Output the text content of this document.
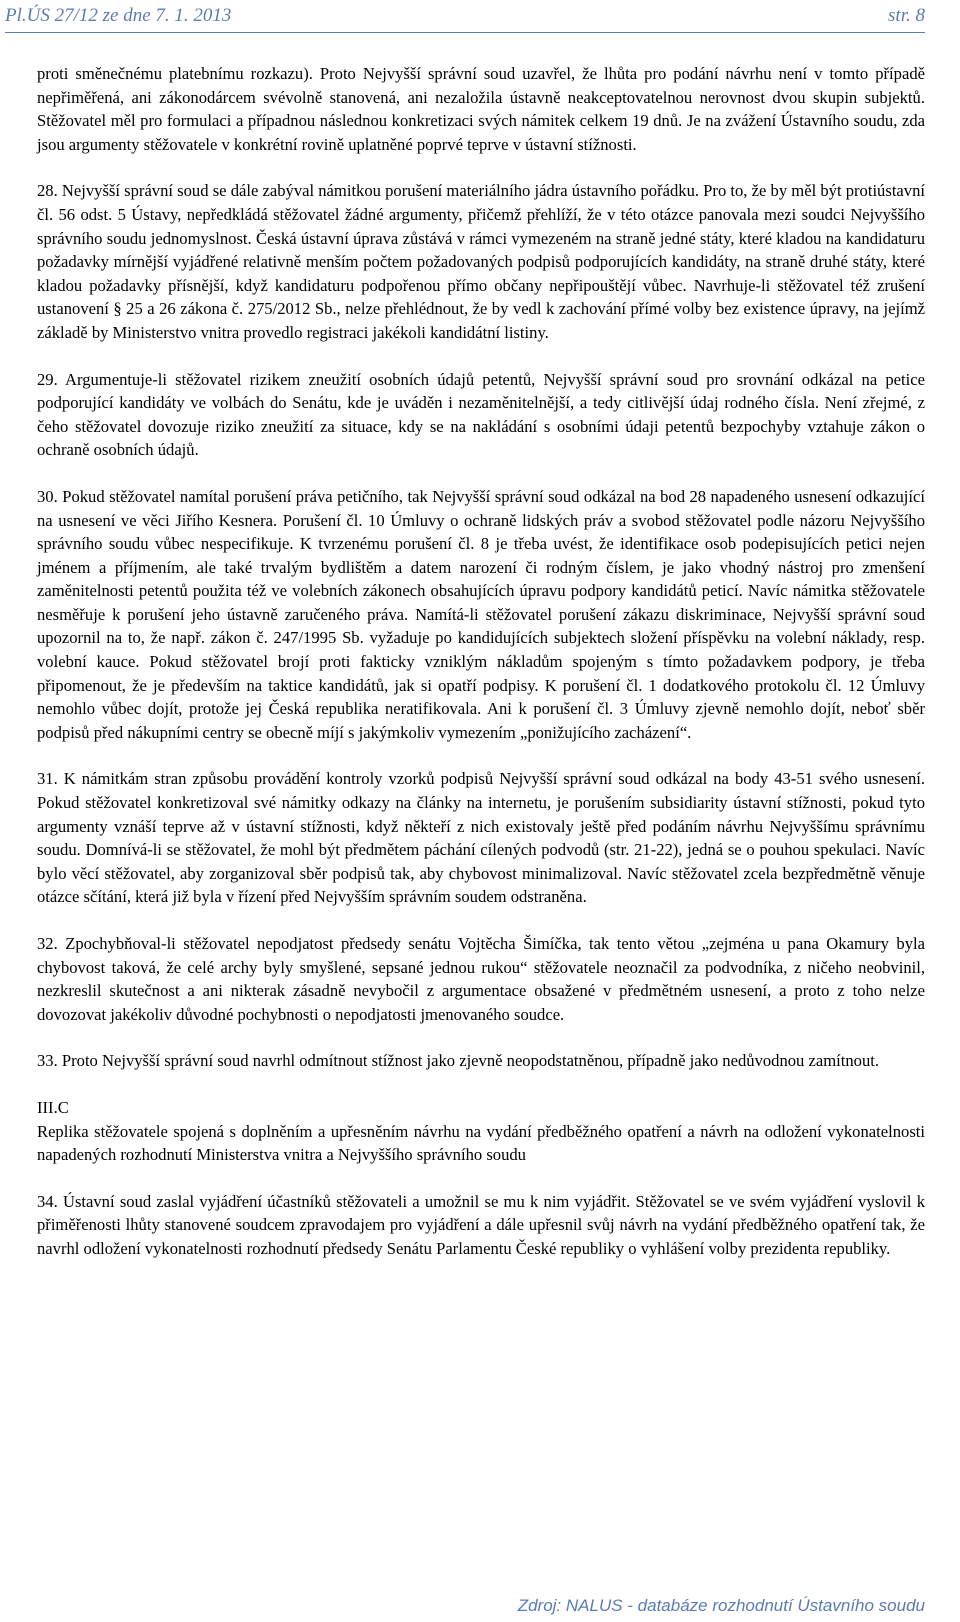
Pl.ÚS 27/12 ze dne 7. 1. 2013	str. 8

proti směnečnému platebnímu rozkazu). Proto Nejvyšší správní soud uzavřel, že lhůta pro podání návrhu není v tomto případě nepřiměřená, ani zákonodárcem svévolně stanovená, ani nezaložila ústavně neakceptovatelnou nerovnost dvou skupin subjektů. Stěžovatel měl pro formulaci a případnou následnou konkretizaci svých námitek celkem 19 dnů. Je na zvážení Ústavního soudu, zda jsou argumenty stěžovatele v konkrétní rovině uplatněné poprvé teprve v ústavní stížnosti.

28. Nejvyšší správní soud se dále zabýval námitkou porušení materiálního jádra ústavního pořádku. Pro to, že by měl být protiústavní čl. 56 odst. 5 Ústavy, nepředkládá stěžovatel žádné argumenty, přičemž přehlíží, že v této otázce panovala mezi soudci Nejvyššího správního soudu jednomyslnost. Česká ústavní úprava zůstává v rámci vymezeném na straně jedné státy, které kladou na kandidaturu požadavky mírnější vyjádřené relativně menším počtem požadovaných podpisů podporujících kandidáty, na straně druhé státy, které kladou požadavky přísnější, když kandidaturu podpořenou přímo občany nepřipouštějí vůbec. Navrhuje-li stěžovatel též zrušení ustanovení § 25 a 26 zákona č. 275/2012 Sb., nelze přehlédnout, že by vedl k zachování přímé volby bez existence úpravy, na jejímž základě by Ministerstvo vnitra provedlo registraci jakékoli kandidátní listiny.

29. Argumentuje-li stěžovatel rizikem zneužití osobních údajů petentů, Nejvyšší správní soud pro srovnání odkázal na petice podporující kandidáty ve volbách do Senátu, kde je uváděn i nezaměnitelnější, a tedy citlivější údaj rodného čísla. Není zřejmé, z čeho stěžovatel dovozuje riziko zneužití za situace, kdy se na nakládání s osobními údaji petentů bezpochyby vztahuje zákon o ochraně osobních údajů.

30. Pokud stěžovatel namítal porušení práva petičního, tak Nejvyšší správní soud odkázal na bod 28 napadeného usnesení odkazující na usnesení ve věci Jiřího Kesnera. Porušení čl. 10 Úmluvy o ochraně lidských práv a svobod stěžovatel podle názoru Nejvyššího správního soudu vůbec nespecifikuje. K tvrzenému porušení čl. 8 je třeba uvést, že identifikace osob podepisujících petici nejen jménem a příjmením, ale také trvalým bydlištěm a datem narození či rodným číslem, je jako vhodný nástroj pro zmenšení zaměnitelnosti petentů použita též ve volebních zákonech obsahujících úpravu podpory kandidátů peticí. Navíc námitka stěžovatele nesměřuje k porušení jeho ústavně zaručeného práva. Namítá-li stěžovatel porušení zákazu diskriminace, Nejvyšší správní soud upozornil na to, že např. zákon č. 247/1995 Sb. vyžaduje po kandidujících subjektech složení příspěvku na volební náklady, resp. volební kauce. Pokud stěžovatel brojí proti fakticky vzniklým nákladům spojeným s tímto požadavkem podpory, je třeba připomenout, že je především na taktice kandidátů, jak si opatří podpisy. K porušení čl. 1 dodatkového protokolu čl. 12 Úmluvy nemohlo vůbec dojít, protože jej Česká republika neratifikovala. Ani k porušení čl. 3 Úmluvy zjevně nemohlo dojít, neboť sběr podpisů před nákupními centry se obecně míjí s jakýmkoliv vymezením „ponižujícího zacházení“.

31. K námitkám stran způsobu provádění kontroly vzorků podpisů Nejvyšší správní soud odkázal na body 43-51 svého usnesení. Pokud stěžovatel konkretizoval své námitky odkazy na články na internetu, je porušením subsidiarity ústavní stížnosti, pokud tyto argumenty vznáší teprve až v ústavní stížnosti, když někteří z nich existovaly ještě před podáním návrhu Nejvyššímu správnímu soudu. Domnívá-li se stěžovatel, že mohl být předmětem páchání cílených podvodů (str. 21-22), jedná se o pouhou spekulaci. Navíc bylo věcí stěžovatel, aby zorganizoval sběr podpisů tak, aby chybovost minimalizoval. Navíc stěžovatel zcela bezpředmětně věnuje otázce sčítání, která již byla v řízení před Nejvyšším správním soudem odstraněna.

32. Zpochybňoval-li stěžovatel nepodjatost předsedy senátu Vojtěcha Šimíčka, tak tento větou „zejména u pana Okamury byla chybovost taková, že celé archy byly smyšlené, sepsané jednou rukou“ stěžovatele neoznačil za podvodníka, z ničeho neobvinil, nezkreslil skutečnost a ani nikterak zásadně nevybočil z argumentace obsažené v předmětném usnesení, a proto z toho nelze dovozovat jakékoliv důvodné pochybnosti o nepodjatosti jmenovaného soudce.

33. Proto Nejvyšší správní soud navrhl odmítnout stížnost jako zjevně neopodstatněnou, případně jako nedůvodnou zamítnout.

III.C

Replika stěžovatele spojená s doplněním a upřesněním návrhu na vydání předběžného opatření a návrh na odložení vykonatelnosti napadených rozhodnutí Ministerstva vnitra a Nejvyššího správního soudu

34. Ústavní soud zaslal vyjádření účastníků stěžovateli a umožnil se mu k nim vyjádřit. Stěžovatel se ve svém vyjádření vyslovil k přiměřenosti lhůty stanovené soudcem zpravodajem pro vyjádření a dále upřesnil svůj návrh na vydání předběžného opatření tak, že navrhl odložení vykonatelnosti rozhodnutí předsedy Senátu Parlamentu České republiky o vyhlášení volby prezidenta republiky.

Zdroj: NALUS - databáze rozhodnutí Ústavního soudu
